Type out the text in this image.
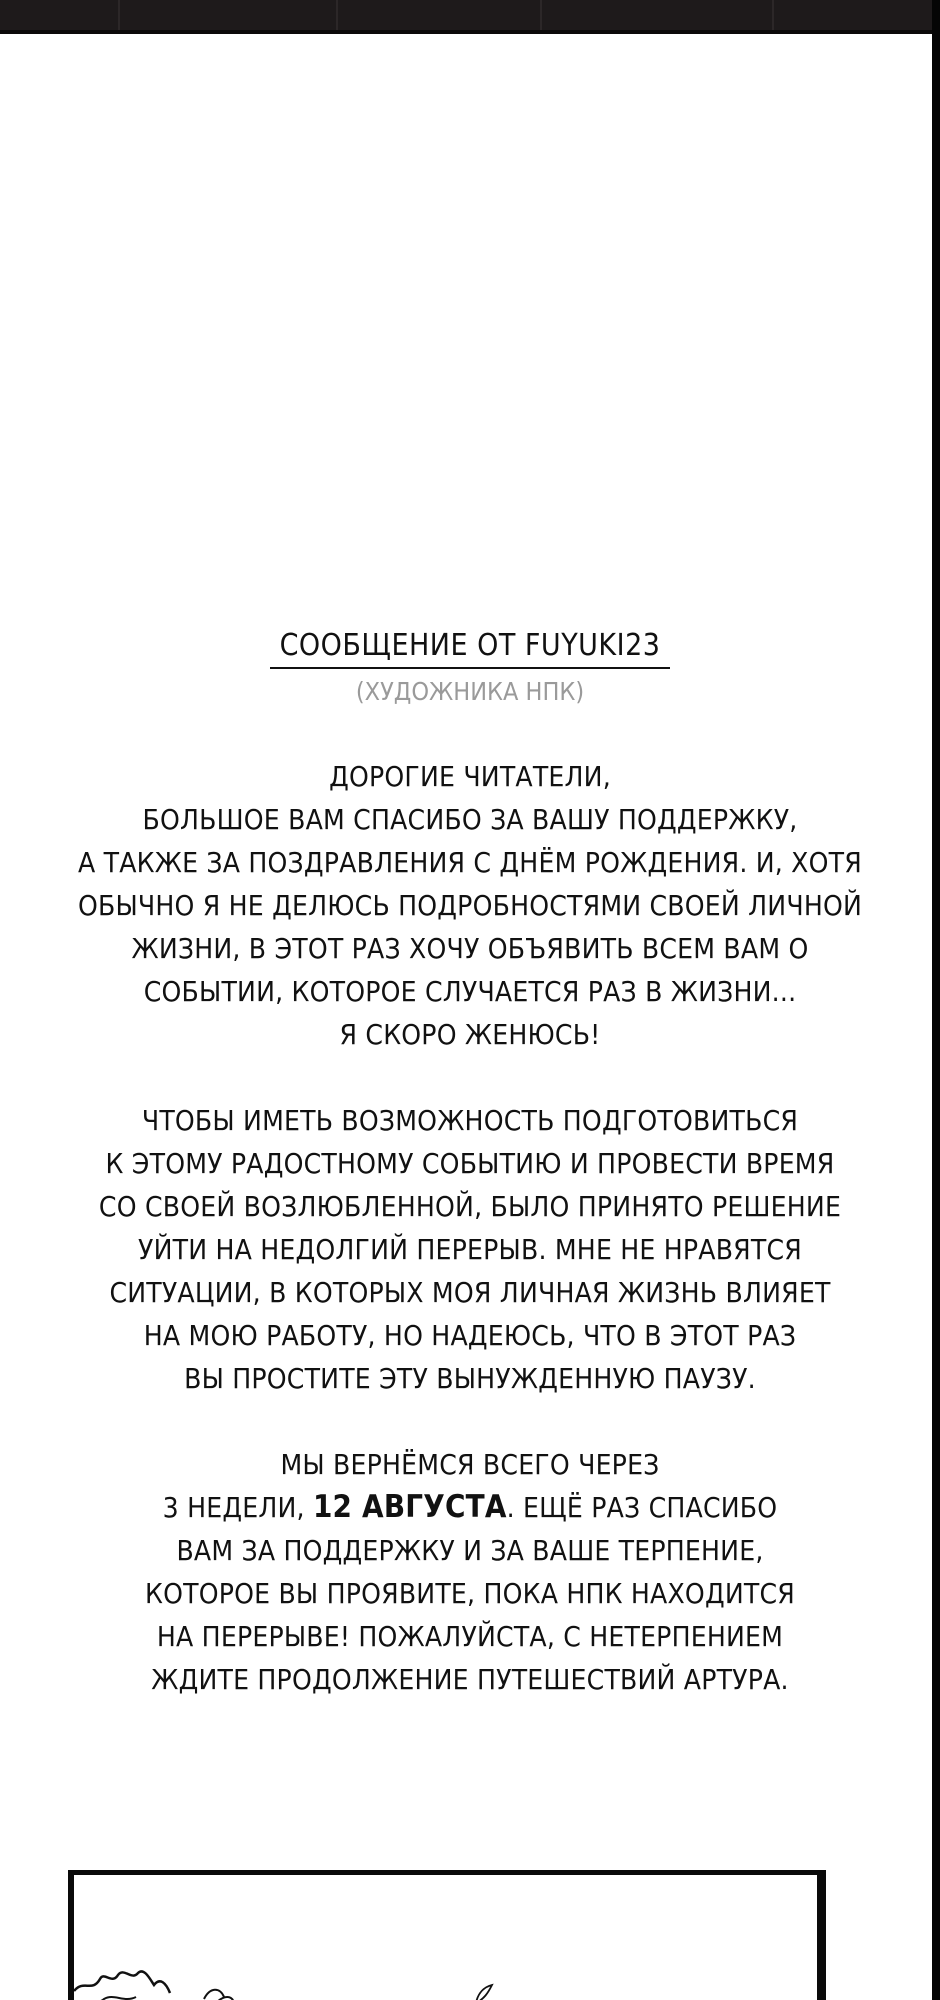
СООБЩЕНИЕ ОТ FUYUKI23
(ХУДОЖНИКА НПК)

ДОРОГИЕ ЧИТАТЕЛИ,
БОЛЬШОЕ ВАМ СПАСИБО ЗА ВАШУ ПОДДЕРЖКУ,
А ТАКЖЕ ЗА ПОЗДРАВЛЕНИЯ С ДНЁМ РОЖДЕНИЯ. И, ХОТЯ
ОБЫЧНО Я НЕ ДЕЛЮСЬ ПОДРОБНОСТЯМИ СВОЕЙ ЛИЧНОЙ
ЖИЗНИ, В ЭТОТ РАЗ ХОЧУ ОБЪЯВИТЬ ВСЕМ ВАМ О
СОБЫТИИ, КОТОРОЕ СЛУЧАЕТСЯ РАЗ В ЖИЗНИ...
Я СКОРО ЖЕНЮСЬ!

ЧТОБЫ ИМЕТЬ ВОЗМОЖНОСТЬ ПОДГОТОВИТЬСЯ
К ЭТОМУ РАДОСТНОМУ СОБЫТИЮ И ПРОВЕСТИ ВРЕМЯ
СО СВОЕЙ ВОЗЛЮБЛЕННОЙ, БЫЛО ПРИНЯТО РЕШЕНИЕ
УЙТИ НА НЕДОЛГИЙ ПЕРЕРЫВ. МНЕ НЕ НРАВЯТСЯ
СИТУАЦИИ, В КОТОРЫХ МОЯ ЛИЧНАЯ ЖИЗНЬ ВЛИЯЕТ
НА МОЮ РАБОТУ, НО НАДЕЮСЬ, ЧТО В ЭТОТ РАЗ
ВЫ ПРОСТИТЕ ЭТУ ВЫНУЖДЕННУЮ ПАУЗУ.

МЫ ВЕРНЁМСЯ ВСЕГО ЧЕРЕЗ
3 НЕДЕЛИ, 12 АВГУСТА. ЕЩЁ РАЗ СПАСИБО
ВАМ ЗА ПОДДЕРЖКУ И ЗА ВАШЕ ТЕРПЕНИЕ,
КОТОРОЕ ВЫ ПРОЯВИТЕ, ПОКА НПК НАХОДИТСЯ
НА ПЕРЕРЫВЕ! ПОЖАЛУЙСТА, С НЕТЕРПЕНИЕМ
ЖДИТЕ ПРОДОЛЖЕНИЕ ПУТЕШЕСТВИЙ АРТУРА.
